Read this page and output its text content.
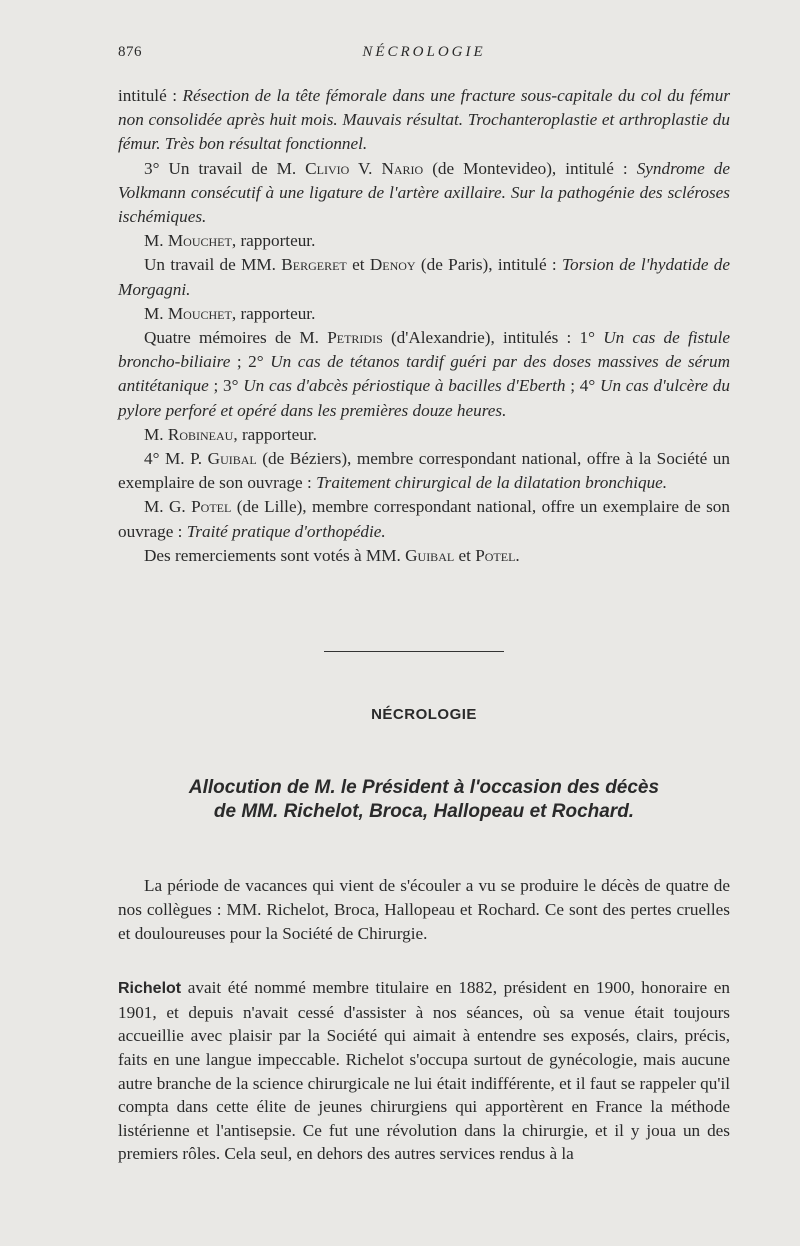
876	NÉCROLOGIE

intitulé : Résection de la tête fémorale dans une fracture sous-capitale du col du fémur non consolidée après huit mois. Mauvais résultat. Trochanteroplastie et arthroplastie du fémur. Très bon résultat fonctionnel.

3° Un travail de M. Clivio V. Nario (de Montevideo), intitulé : Syndrome de Volkmann consécutif à une ligature de l'artère axillaire. Sur la pathogénie des scléroses ischémiques.

M. Mouchet, rapporteur.

Un travail de MM. Bergeret et Denoy (de Paris), intitulé : Torsion de l'hydatide de Morgagni.

M. Mouchet, rapporteur.

Quatre mémoires de M. Petridis (d'Alexandrie), intitulés : 1° Un cas de fistule broncho-biliaire ; 2° Un cas de tétanos tardif guéri par des doses massives de sérum antitétanique ; 3° Un cas d'abcès périostique à bacilles d'Eberth ; 4° Un cas d'ulcère du pylore perforé et opéré dans les premières douze heures.

M. Robineau, rapporteur.

4° M. P. Guibal (de Béziers), membre correspondant national, offre à la Société un exemplaire de son ouvrage : Traitement chirurgical de la dilatation bronchique.

M. G. Potel (de Lille), membre correspondant national, offre un exemplaire de son ouvrage : Traité pratique d'orthopédie.

Des remerciements sont votés à MM. Guibal et Potel.

NÉCROLOGIE
Allocution de M. le Président à l'occasion des décès
de MM. Richelot, Broca, Hallopeau et Rochard.

La période de vacances qui vient de s'écouler a vu se produire le décès de quatre de nos collègues : MM. Richelot, Broca, Hallopeau et Rochard. Ce sont des pertes cruelles et douloureuses pour la Société de Chirurgie.

Richelot avait été nommé membre titulaire en 1882, président en 1900, honoraire en 1901, et depuis n'avait cessé d'assister à nos séances, où sa venue était toujours accueillie avec plaisir par la Société qui aimait à entendre ses exposés, clairs, précis, faits en une langue impeccable. Richelot s'occupa surtout de gynécologie, mais aucune autre branche de la science chirurgicale ne lui était indifférente, et il faut se rappeler qu'il compta dans cette élite de jeunes chirurgiens qui apportèrent en France la méthode listérienne et l'antisepsie. Ce fut une révolution dans la chirurgie, et il y joua un des premiers rôles. Cela seul, en dehors des autres services rendus à la
